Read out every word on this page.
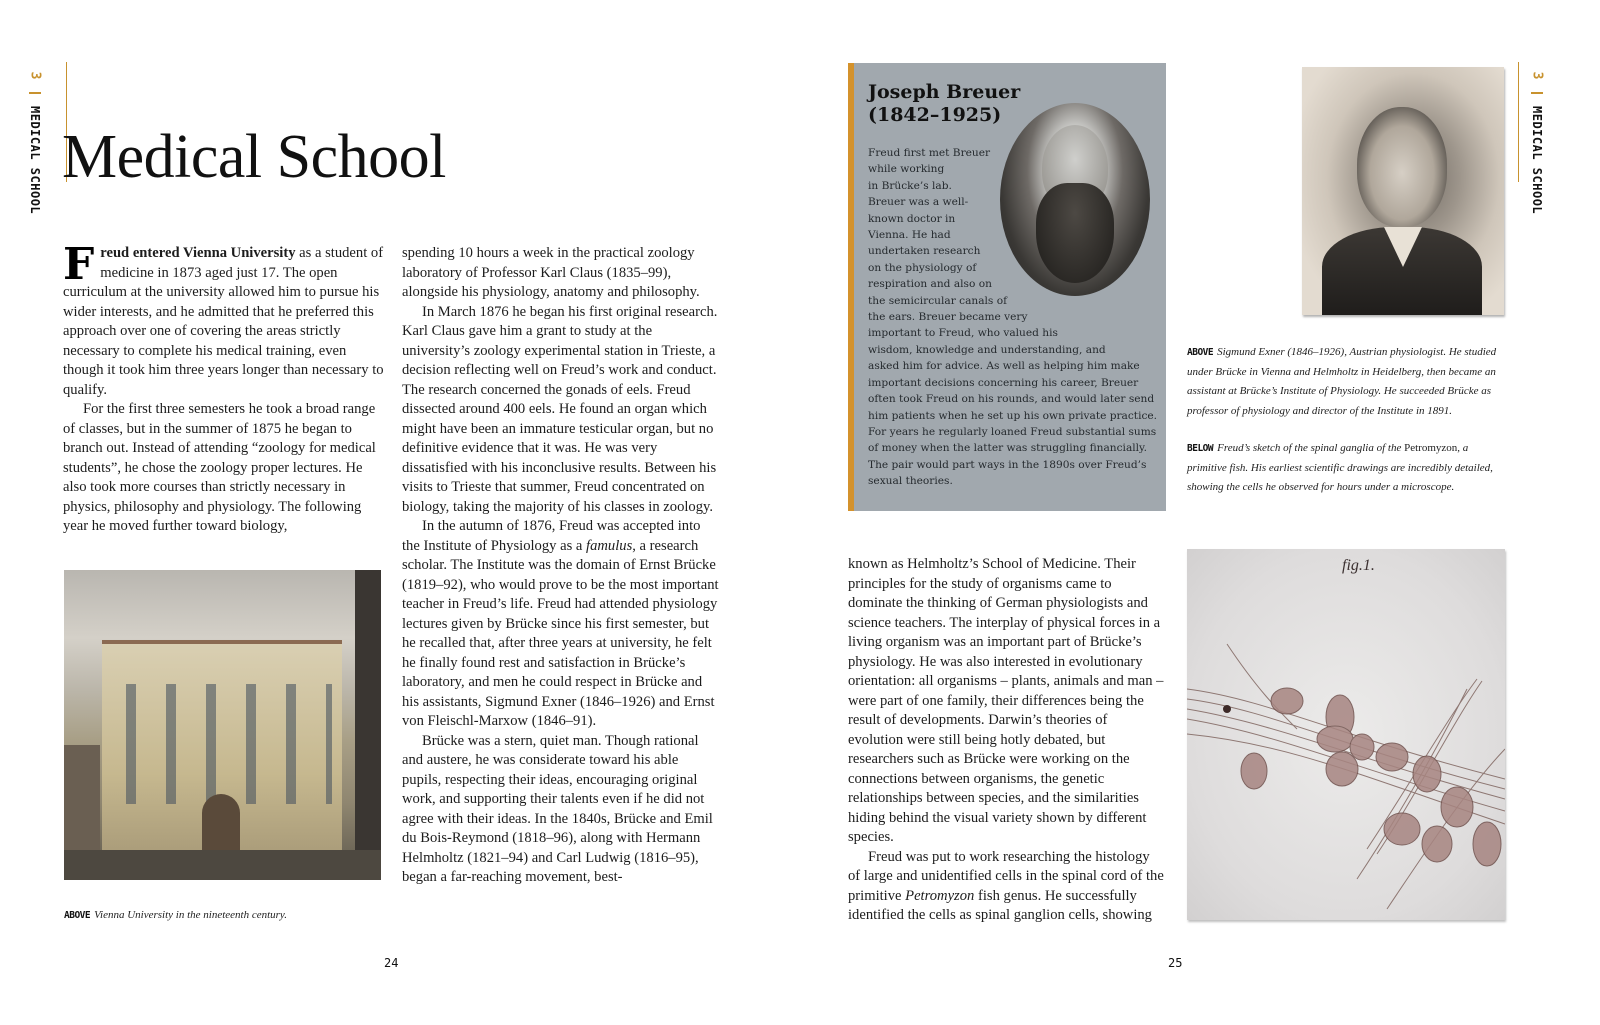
3
MEDICAL SCHOOL Medical School

Freud entered Vienna University as a student of medicine in 1873 aged just 17. The open curriculum at the university allowed him to pursue his wider interests, and he admitted that he preferred this approach over one of covering the areas strictly necessary to complete his medical training, even though it took him three years longer than necessary to qualify.

For the first three semesters he took a broad range of classes, but in the summer of 1875 he began to branch out. Instead of attending “zoology for medical students”, he chose the zoology proper lectures. He also took more courses than strictly necessary in physics, philosophy and physiology. The following year he moved further toward biology,

ABOVE Vienna University in the nineteenth century.

spending 10 hours a week in the practical zoology laboratory of Professor Karl Claus (1835–99), alongside his physiology, anatomy and philosophy.

In March 1876 he began his first original research. Karl Claus gave him a grant to study at the university’s zoology experimental station in Trieste, a decision reflecting well on Freud’s work and conduct. The research concerned the gonads of eels. Freud dissected around 400 eels. He found an organ which might have been an immature testicular organ, but no definitive evidence that it was. He was very dissatisfied with his inconclusive results. Between his visits to Trieste that summer, Freud concentrated on biology, taking the majority of his classes in zoology.

In the autumn of 1876, Freud was accepted into the Institute of Physiology as a famulus, a research scholar. The Institute was the domain of Ernst Brücke (1819–92), who would prove to be the most important teacher in Freud’s life. Freud had attended physiology lectures given by Brücke since his first semester, but he recalled that, after three years at university, he felt he finally found rest and satisfaction in Brücke’s laboratory, and men he could respect in Brücke and his assistants, Sigmund Exner (1846–1926) and Ernst von Fleischl-Marxow (1846–91).

Brücke was a stern, quiet man. Though rational and austere, he was considerate toward his able pupils, respecting their ideas, encouraging original work, and supporting their talents even if he did not agree with their ideas. In the 1840s, Brücke and Emil du Bois-Reymond (1818–96), along with Hermann Helmholtz (1821–94) and Carl Ludwig (1816–95), began a far-reaching movement, best-

24
Joseph Breuer
(1842–1925)
Freud first met Breuer
while working
in Brücke’s lab.
Breuer was a well-
known doctor in
Vienna. He had
undertaken research
on the physiology of
respiration and also on
the semicircular canals of
the ears. Breuer became very
important to Freud, who valued his
wisdom, knowledge and understanding, and
asked him for advice. As well as helping him make
important decisions concerning his career, Breuer
often took Freud on his rounds, and would later send
him patients when he set up his own private practice.
For years he regularly loaned Freud substantial sums
of money when the latter was struggling financially.
The pair would part ways in the 1890s over Freud’s
sexual theories.

ABOVE Sigmund Exner (1846–1926), Austrian physiologist. He studied under Brücke in Vienna and Helmholtz in Heidelberg, then became an assistant at Brücke’s Institute of Physiology. He succeeded Brücke as professor of physiology and director of the Institute in 1891.

BELOW Freud’s sketch of the spinal ganglia of the Petromyzon, a primitive fish. His earliest scientific drawings are incredibly detailed, showing the cells he observed for hours under a microscope.

known as Helmholtz’s School of Medicine. Their principles for the study of organisms came to dominate the thinking of German physiologists and science teachers. The interplay of physical forces in a living organism was an important part of Brücke’s physiology. He was also interested in evolutionary orientation: all organisms – plants, animals and man – were part of one family, their differences being the result of developments. Darwin’s theories of evolution were still being hotly debated, but researchers such as Brücke were working on the connections between organisms, the genetic relationships between species, and the similarities hiding behind the visual variety shown by different species.

Freud was put to work researching the histology of large and unidentified cells in the spinal cord of the primitive Petromyzon fish genus. He successfully identified the cells as spinal ganglion cells, showing

fig.1.
3
MEDICAL SCHOOL
25
